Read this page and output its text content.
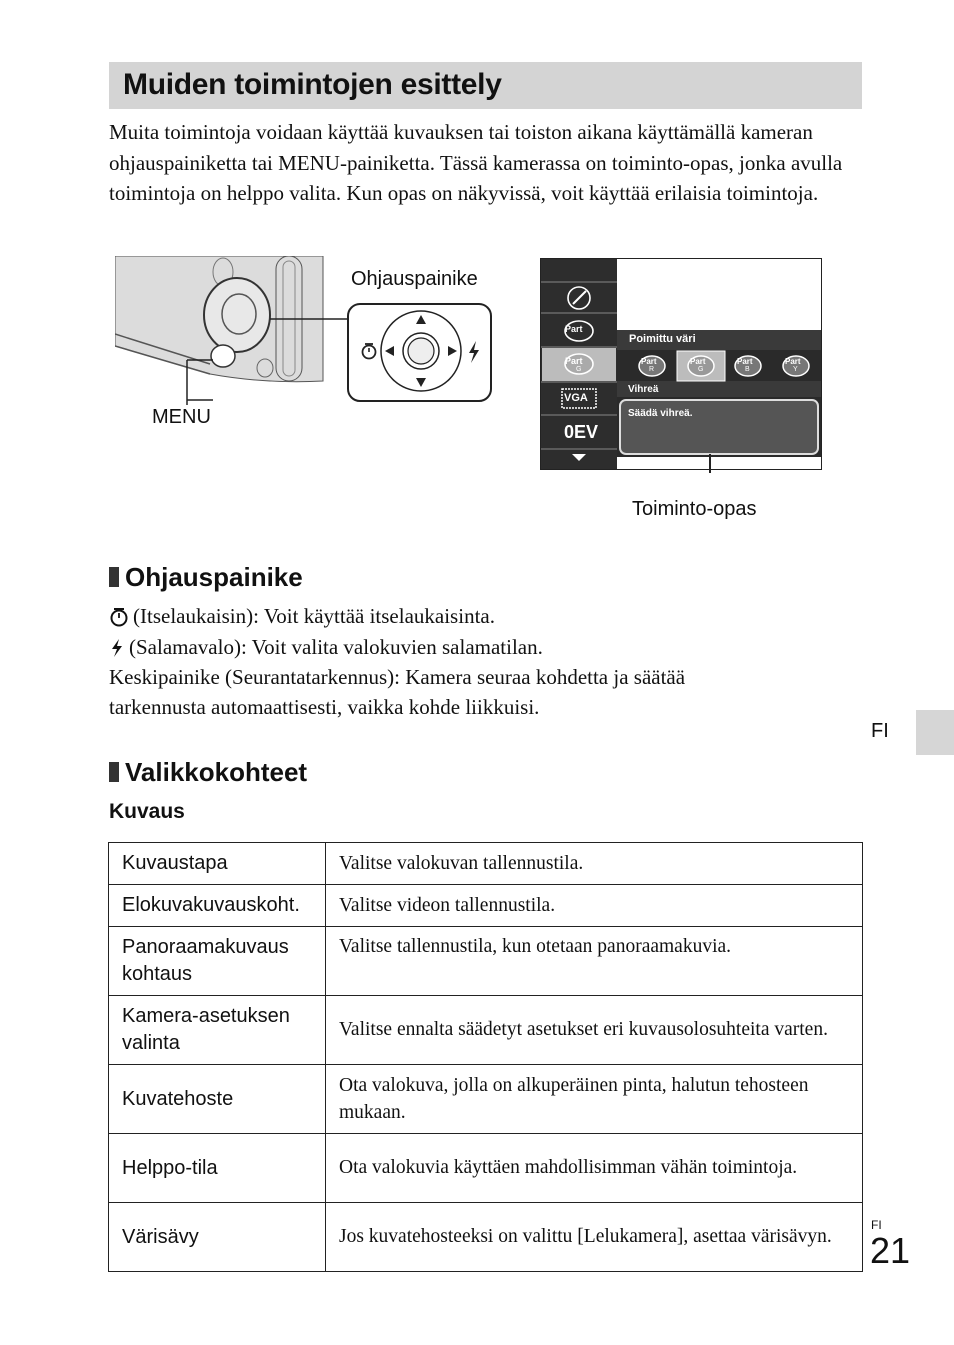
Muiden toimintojen esittely

Muita toimintoja voidaan käyttää kuvauksen tai toiston aikana käyttämällä kameran ohjauspainiketta tai MENU-painiketta. Tässä kamerassa on toiminto-opas, jonka avulla toimintoja on helppo valita. Kun opas on näkyvissä, voit käyttää erilaisia toimintoja.

Ohjauspainike
MENU
Part
Part
G
VGA
0EV
Poimittu väri
Part
R
Part
G
Part
B
Part
Y
Vihreä
Säädä vihreä.
Toiminto-opas
Ohjauspainike
(Itselaukaisin): Voit käyttää itselaukaisinta.
(Salamavalo): Voit valita valokuvien salamatilan.
Keskipainike (Seurantatarkennus): Kamera seuraa kohdetta ja säätää
tarkennusta automaattisesti, vaikka kohde liikkuisi.
Valikkokohteet
Kuvaus
Kuvaustapa	Valitse valokuvan tallennustila.
Elokuvakuvauskoht.	Valitse videon tallennustila.
Panoraamakuvaus kohtaus	Valitse tallennustila, kun otetaan panoraamakuvia.
Kamera-asetuksen valinta	Valitse ennalta säädetyt asetukset eri kuvausolosuhteita varten.
Kuvatehoste	Ota valokuva, jolla on alkuperäinen pinta, halutun tehosteen mukaan.
Helppo-tila	Ota valokuvia käyttäen mahdollisimman vähän toimintoja.
Värisävy	Jos kuvatehosteeksi on valittu [Lelukamera], asettaa värisävyn.
FI
FI
21
